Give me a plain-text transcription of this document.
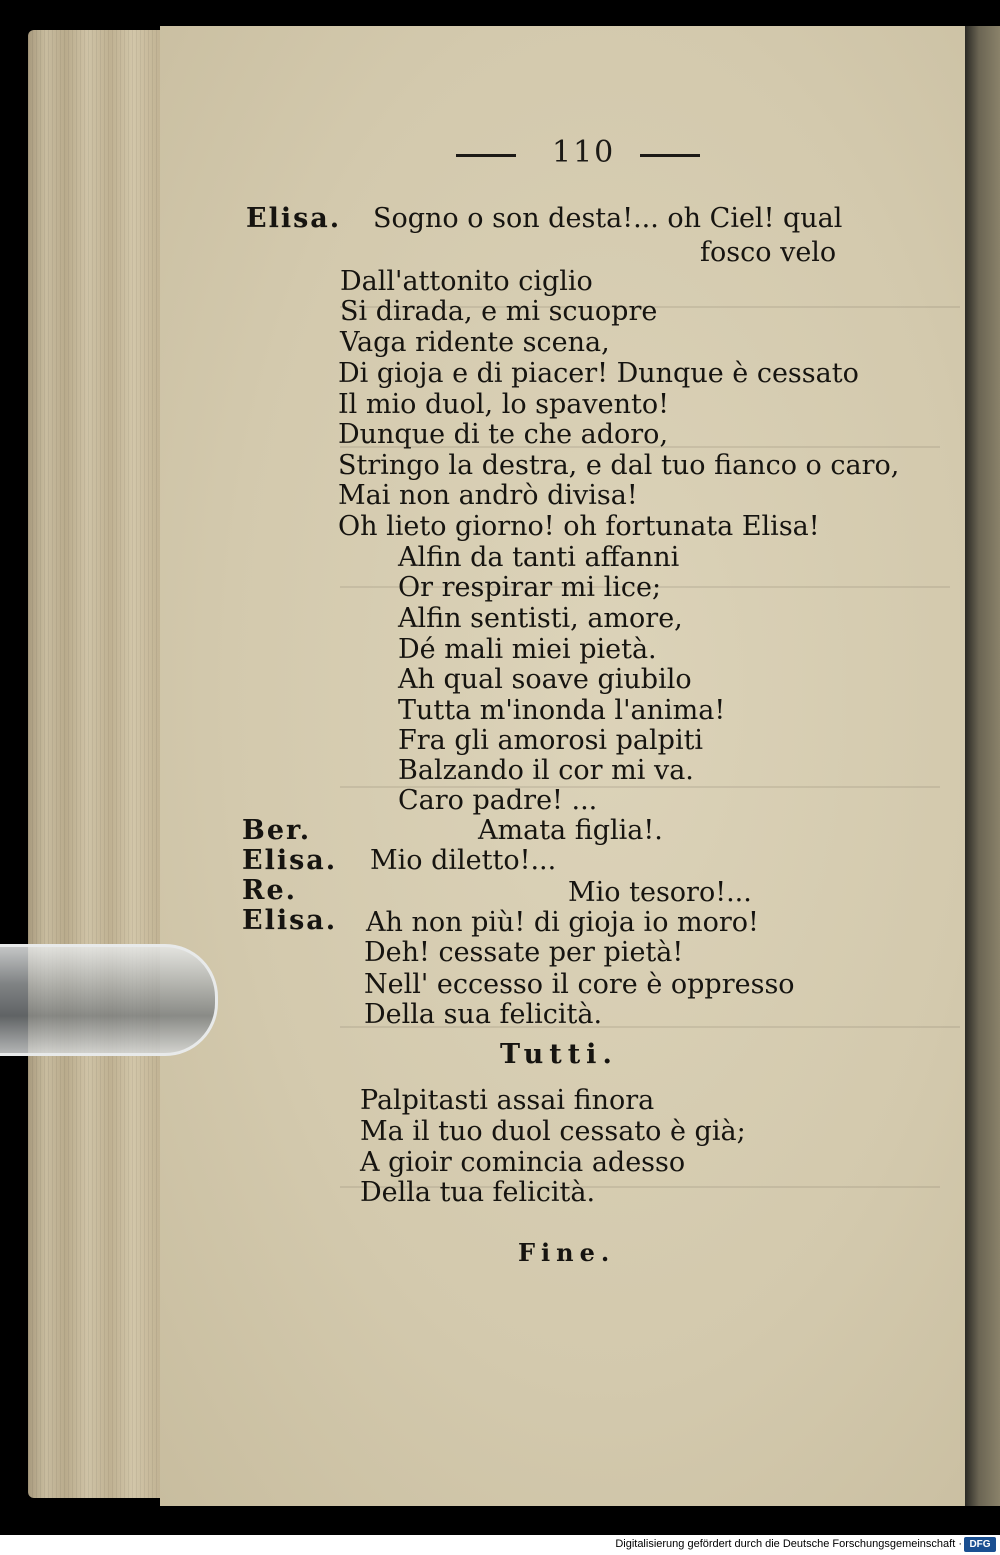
110
Elisa. Sogno o son desta!... oh Ciel! qual
fosco velo
Dall'attonito ciglio
Si dirada, e mi scuopre
Vaga ridente scena,
Di gioja e di piacer! Dunque è cessato
Il mio duol, lo spavento!
Dunque di te che adoro,
Stringo la destra, e dal tuo fianco o caro,
Mai non andrò divisa!
Oh lieto giorno! oh fortunata Elisa!
Alfin da tanti affanni
Or respirar mi lice;
Alfin sentisti, amore,
Dé mali miei pietà.
Ah qual soave giubilo
Tutta m'inonda l'anima!
Fra gli amorosi palpiti
Balzando il cor mi va.
Caro padre! ...
Ber.	Amata figlia!.
Elisa. Mio diletto!...
Re.	Mio tesoro!...
Elisa. Ah non più! di gioja io moro!
Deh! cessate per pietà!
Nell' eccesso il core è oppresso
Della sua felicità.
Tutti.
Palpitasti assai finora
Ma il tuo duol cessato è già;
A gioir comincia adesso
Della tua felicità.
Fine.
Digitalisierung gefördert durch die Deutsche Forschungsgemeinschaft · DFG
